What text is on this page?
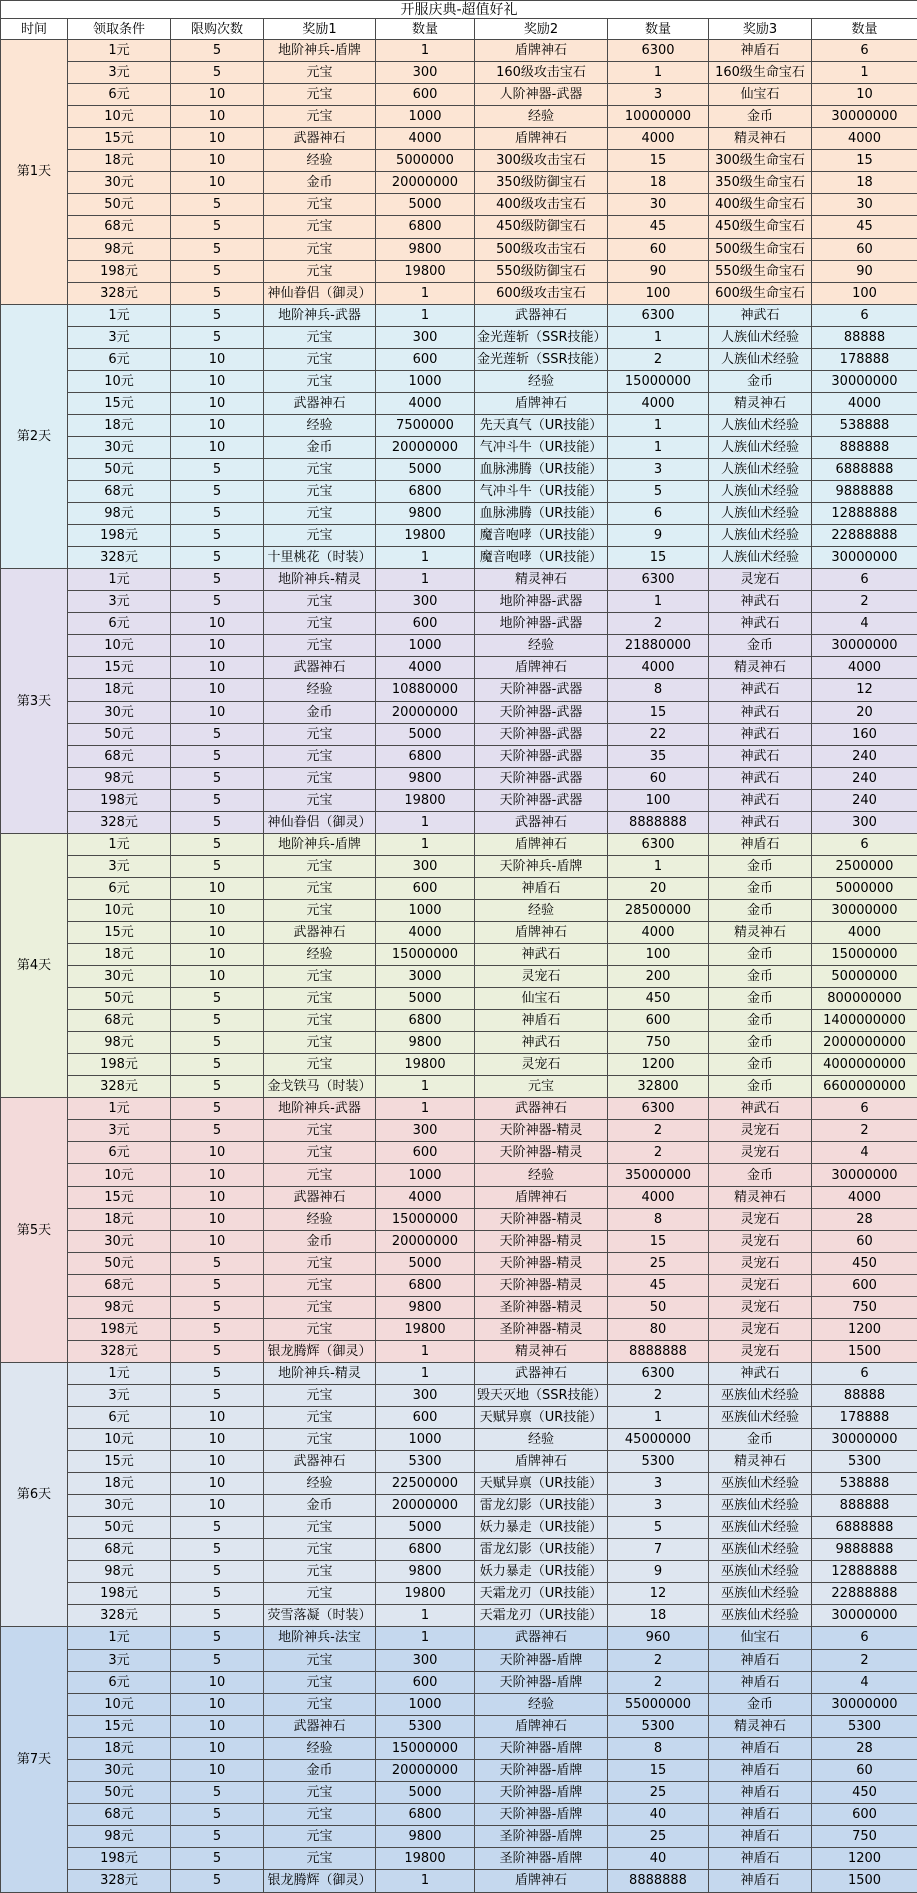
开服庆典-超值好礼								
时间	领取条件	限购次数	奖励1	数量	奖励2	数量	奖励3	数量
第1天	1元	5	地阶神兵-盾牌	1	盾牌神石	6300	神盾石	6
	3元	5	元宝	300	160级攻击宝石	1	160级生命宝石	1
	6元	10	元宝	600	人阶神器-武器	3	仙宝石	10
	10元	10	元宝	1000	经验	10000000	金币	30000000
	15元	10	武器神石	4000	盾牌神石	4000	精灵神石	4000
	18元	10	经验	5000000	300级攻击宝石	15	300级生命宝石	15
	30元	10	金币	20000000	350级防御宝石	18	350级生命宝石	18
	50元	5	元宝	5000	400级攻击宝石	30	400级生命宝石	30
	68元	5	元宝	6800	450级防御宝石	45	450级生命宝石	45
	98元	5	元宝	9800	500级攻击宝石	60	500级生命宝石	60
	198元	5	元宝	19800	550级防御宝石	90	550级生命宝石	90
	328元	5	神仙眷侣（御灵）	1	600级攻击宝石	100	600级生命宝石	100
第2天	1元	5	地阶神兵-武器	1	武器神石	6300	神武石	6
	3元	5	元宝	300	金光莲斩（SSR技能）	1	人族仙术经验	88888
	6元	10	元宝	600	金光莲斩（SSR技能）	2	人族仙术经验	178888
	10元	10	元宝	1000	经验	15000000	金币	30000000
	15元	10	武器神石	4000	盾牌神石	4000	精灵神石	4000
	18元	10	经验	7500000	先天真气（UR技能）	1	人族仙术经验	538888
	30元	10	金币	20000000	气冲斗牛（UR技能）	1	人族仙术经验	888888
	50元	5	元宝	5000	血脉沸腾（UR技能）	3	人族仙术经验	6888888
	68元	5	元宝	6800	气冲斗牛（UR技能）	5	人族仙术经验	9888888
	98元	5	元宝	9800	血脉沸腾（UR技能）	6	人族仙术经验	12888888
	198元	5	元宝	19800	魔音咆哮（UR技能）	9	人族仙术经验	22888888
	328元	5	十里桃花（时装）	1	魔音咆哮（UR技能）	15	人族仙术经验	30000000
第3天	1元	5	地阶神兵-精灵	1	精灵神石	6300	灵宠石	6
	3元	5	元宝	300	地阶神器-武器	1	神武石	2
	6元	10	元宝	600	地阶神器-武器	2	神武石	4
	10元	10	元宝	1000	经验	21880000	金币	30000000
	15元	10	武器神石	4000	盾牌神石	4000	精灵神石	4000
	18元	10	经验	10880000	天阶神器-武器	8	神武石	12
	30元	10	金币	20000000	天阶神器-武器	15	神武石	20
	50元	5	元宝	5000	天阶神器-武器	22	神武石	160
	68元	5	元宝	6800	天阶神器-武器	35	神武石	240
	98元	5	元宝	9800	天阶神器-武器	60	神武石	240
	198元	5	元宝	19800	天阶神器-武器	100	神武石	240
	328元	5	神仙眷侣（御灵）	1	武器神石	8888888	神武石	300
第4天	1元	5	地阶神兵-盾牌	1	盾牌神石	6300	神盾石	6
	3元	5	元宝	300	天阶神兵-盾牌	1	金币	2500000
	6元	10	元宝	600	神盾石	20	金币	5000000
	10元	10	元宝	1000	经验	28500000	金币	30000000
	15元	10	武器神石	4000	盾牌神石	4000	精灵神石	4000
	18元	10	经验	15000000	神武石	100	金币	15000000
	30元	10	元宝	3000	灵宠石	200	金币	50000000
	50元	5	元宝	5000	仙宝石	450	金币	800000000
	68元	5	元宝	6800	神盾石	600	金币	1400000000
	98元	5	元宝	9800	神武石	750	金币	2000000000
	198元	5	元宝	19800	灵宠石	1200	金币	4000000000
	328元	5	金戈铁马（时装）	1	元宝	32800	金币	6600000000
第5天	1元	5	地阶神兵-武器	1	武器神石	6300	神武石	6
	3元	5	元宝	300	天阶神器-精灵	2	灵宠石	2
	6元	10	元宝	600	天阶神器-精灵	2	灵宠石	4
	10元	10	元宝	1000	经验	35000000	金币	30000000
	15元	10	武器神石	4000	盾牌神石	4000	精灵神石	4000
	18元	10	经验	15000000	天阶神器-精灵	8	灵宠石	28
	30元	10	金币	20000000	天阶神器-精灵	15	灵宠石	60
	50元	5	元宝	5000	天阶神器-精灵	25	灵宠石	450
	68元	5	元宝	6800	天阶神器-精灵	45	灵宠石	600
	98元	5	元宝	9800	圣阶神器-精灵	50	灵宠石	750
	198元	5	元宝	19800	圣阶神器-精灵	80	灵宠石	1200
	328元	5	银龙腾辉（御灵）	1	精灵神石	8888888	灵宠石	1500
第6天	1元	5	地阶神兵-精灵	1	武器神石	6300	神武石	6
	3元	5	元宝	300	毁天灭地（SSR技能）	2	巫族仙术经验	88888
	6元	10	元宝	600	天赋异禀（UR技能）	1	巫族仙术经验	178888
	10元	10	元宝	1000	经验	45000000	金币	30000000
	15元	10	武器神石	5300	盾牌神石	5300	精灵神石	5300
	18元	10	经验	22500000	天赋异禀（UR技能）	3	巫族仙术经验	538888
	30元	10	金币	20000000	雷龙幻影（UR技能）	3	巫族仙术经验	888888
	50元	5	元宝	5000	妖力暴走（UR技能）	5	巫族仙术经验	6888888
	68元	5	元宝	6800	雷龙幻影（UR技能）	7	巫族仙术经验	9888888
	98元	5	元宝	9800	妖力暴走（UR技能）	9	巫族仙术经验	12888888
	198元	5	元宝	19800	天霜龙刃（UR技能）	12	巫族仙术经验	22888888
	328元	5	荧雪落凝（时装）	1	天霜龙刃（UR技能）	18	巫族仙术经验	30000000
第7天	1元	5	地阶神兵-法宝	1	武器神石	960	仙宝石	6
	3元	5	元宝	300	天阶神器-盾牌	2	神盾石	2
	6元	10	元宝	600	天阶神器-盾牌	2	神盾石	4
	10元	10	元宝	1000	经验	55000000	金币	30000000
	15元	10	武器神石	5300	盾牌神石	5300	精灵神石	5300
	18元	10	经验	15000000	天阶神器-盾牌	8	神盾石	28
	30元	10	金币	20000000	天阶神器-盾牌	15	神盾石	60
	50元	5	元宝	5000	天阶神器-盾牌	25	神盾石	450
	68元	5	元宝	6800	天阶神器-盾牌	40	神盾石	600
	98元	5	元宝	9800	圣阶神器-盾牌	25	神盾石	750
	198元	5	元宝	19800	圣阶神器-盾牌	40	神盾石	1200
	328元	5	银龙腾辉（御灵）	1	盾牌神石	8888888	神盾石	1500
